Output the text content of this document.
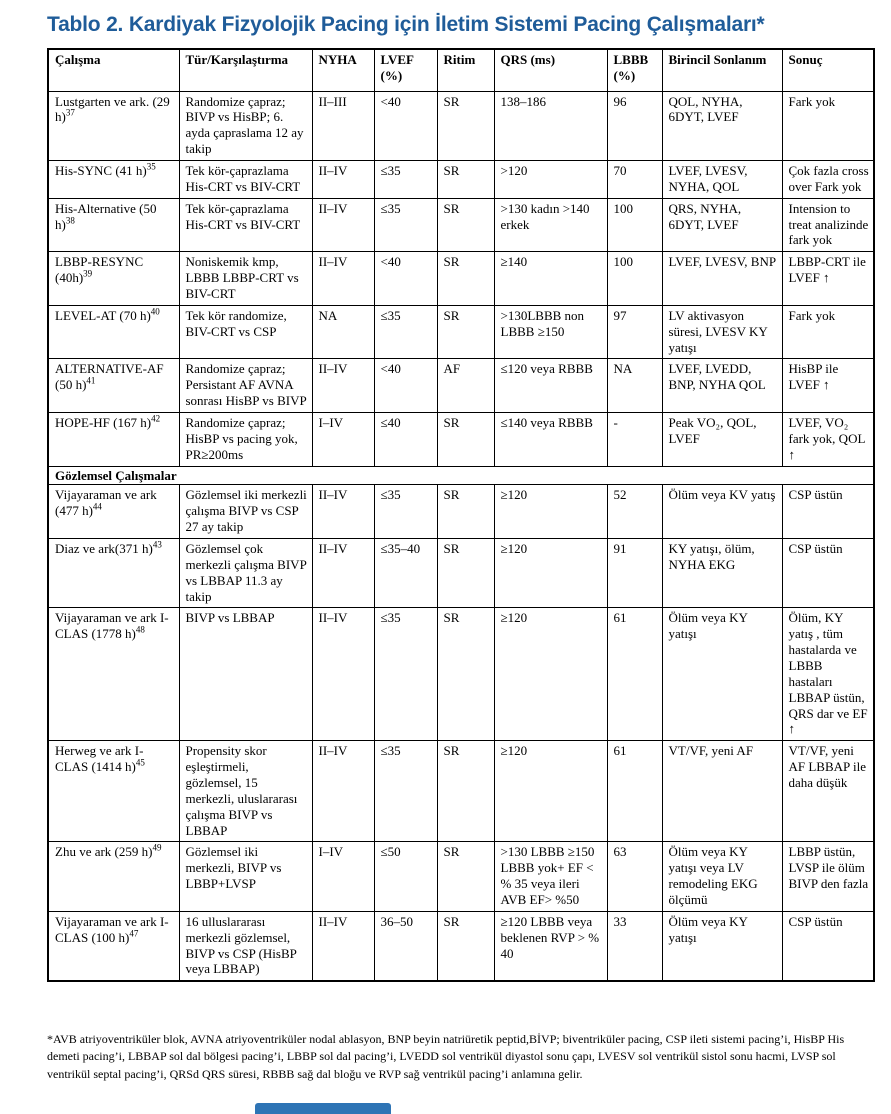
Tablo 2. Kardiyak Fizyolojik Pacing için İletim Sistemi Pacing Çalışmaları*
Çalışma	Tür/Karşılaştırma	NYHA	LVEF (%)	Ritim	QRS (ms)	LBBB (%)	Birincil Sonlanım	Sonuç
Lustgarten ve ark. (29 h)$^{37}$	Randomize çapraz; BIVP vs HisBP; 6. ayda çapraslama 12 ay takip	II–III	<40	SR	138–186	96	QOL, NYHA, 6DYT, LVEF	Fark yok
His-SYNC (41 h)$^{35}$	Tek kör-çaprazlama His-CRT vs BIV-CRT	II–IV	≤35	SR	>120	70	LVEF, LVESV, NYHA, QOL	Çok fazla cross over Fark yok
His-Alternative (50 h)$^{38}$	Tek kör-çaprazlama His-CRT vs BIV-CRT	II–IV	≤35	SR	>130 kadın >140 erkek	100	QRS, NYHA, 6DYT, LVEF	Intension to treat analizinde fark yok
LBBP-RESYNC $(40h)^{39}$	Noniskemik kmp, LBBB LBBP-CRT vs BIV-CRT	II–IV	<40	SR	≥140	100	LVEF, LVESV, BNP	LBBP-CRT ile LVEF ↑
LEVEL-AT (70 h)$^{40}$	Tek kör randomize, BIV-CRT vs CSP	NA	≤35	SR	>130LBBB non LBBB ≥150	97	LV aktivasyon süresi, LVESV KY yatışı	Fark yok
ALTERNATIVE-AF (50 h)$^{41}$	Randomize çapraz; Persistant AF AVNA sonrası HisBP vs BIVP	II–IV	<40	AF	≤120 veya RBBB	NA	LVEF, LVEDD, BNP, NYHA QOL	HisBP ile LVEF ↑
HOPE-HF (167 h)$^{42}$	Randomize çapraz; HisBP vs pacing yok, PR≥200ms	I–IV	≤40	SR	≤140 veya RBBB	-	Peak VO₂, QOL, LVEF	LVEF, VO₂ fark yok, QOL ↑
Gözlemsel Çalışmalar								
Vijayaraman ve ark (477 h)$^{44}$	Gözlemsel iki merkezli çalışma BIVP vs CSP 27 ay takip	II–IV	≤35	SR	≥120	52	Ölüm veya KV yatış	CSP üstün
Diaz ve ark(371 h)$^{43}$	Gözlemsel çok merkezli çalışma BIVP vs LBBAP 11.3 ay takip	II–IV	≤35–40	SR	≥120	91	KY yatışı, ölüm, NYHA EKG	CSP üstün
Vijayaraman ve ark I-CLAS (1778 h)$^{48}$	BIVP vs LBBAP	II–IV	≤35	SR	≥120	61	Ölüm veya KY yatışı	Ölüm, KY yatış , tüm hastalarda ve LBBB hastaları LBBAP üstün, QRS dar ve EF ↑
Herweg ve ark I-CLAS (1414 h)$^{45}$	Propensity skor eşleştirmeli, gözlemsel, 15 merkezli, uluslararası çalışma BIVP vs LBBAP	II–IV	≤35	SR	≥120	61	VT/VF, yeni AF	VT/VF, yeni AF LBBAP ile daha düşük
Zhu ve ark (259 h)$^{49}$	Gözlemsel iki merkezli, BIVP vs LBBP+LVSP	I–IV	≤50	SR	>130 LBBB ≥150 LBBB yok+ EF < % 35 veya ileri AVB EF> %50	63	Ölüm veya KY yatışı veya LV remodeling EKG ölçümü	LBBP üstün, LVSP ile ölüm BIVP den fazla
Vijayaraman ve ark I-CLAS (100 h)$^{47}$	16 ulluslararası merkezli gözlemsel, BIVP vs CSP (HisBP veya LBBAP)	II–IV	36–50	SR	≥120 LBBB veya beklenen RVP > % 40	33	Ölüm veya KY yatışı	CSP üstün

*AVB atriyoventriküler blok, AVNA atriyoventriküler nodal ablasyon, BNP beyin natriüretik peptid,BİVP; biventriküler pacing, CSP ileti sistemi pacing’i, HisBP His demeti pacing’i, LBBAP sol dal bölgesi pacing’i, LBBP sol dal pacing’i, LVEDD sol ventrikül diyastol sonu çapı, LVESV sol ventrikül sistol sonu hacmi, LVSP sol ventrikül septal pacing’i, QRSd QRS süresi, RBBB sağ dal bloğu ve RVP sağ ventrikül pacing’i anlamına gelir.
